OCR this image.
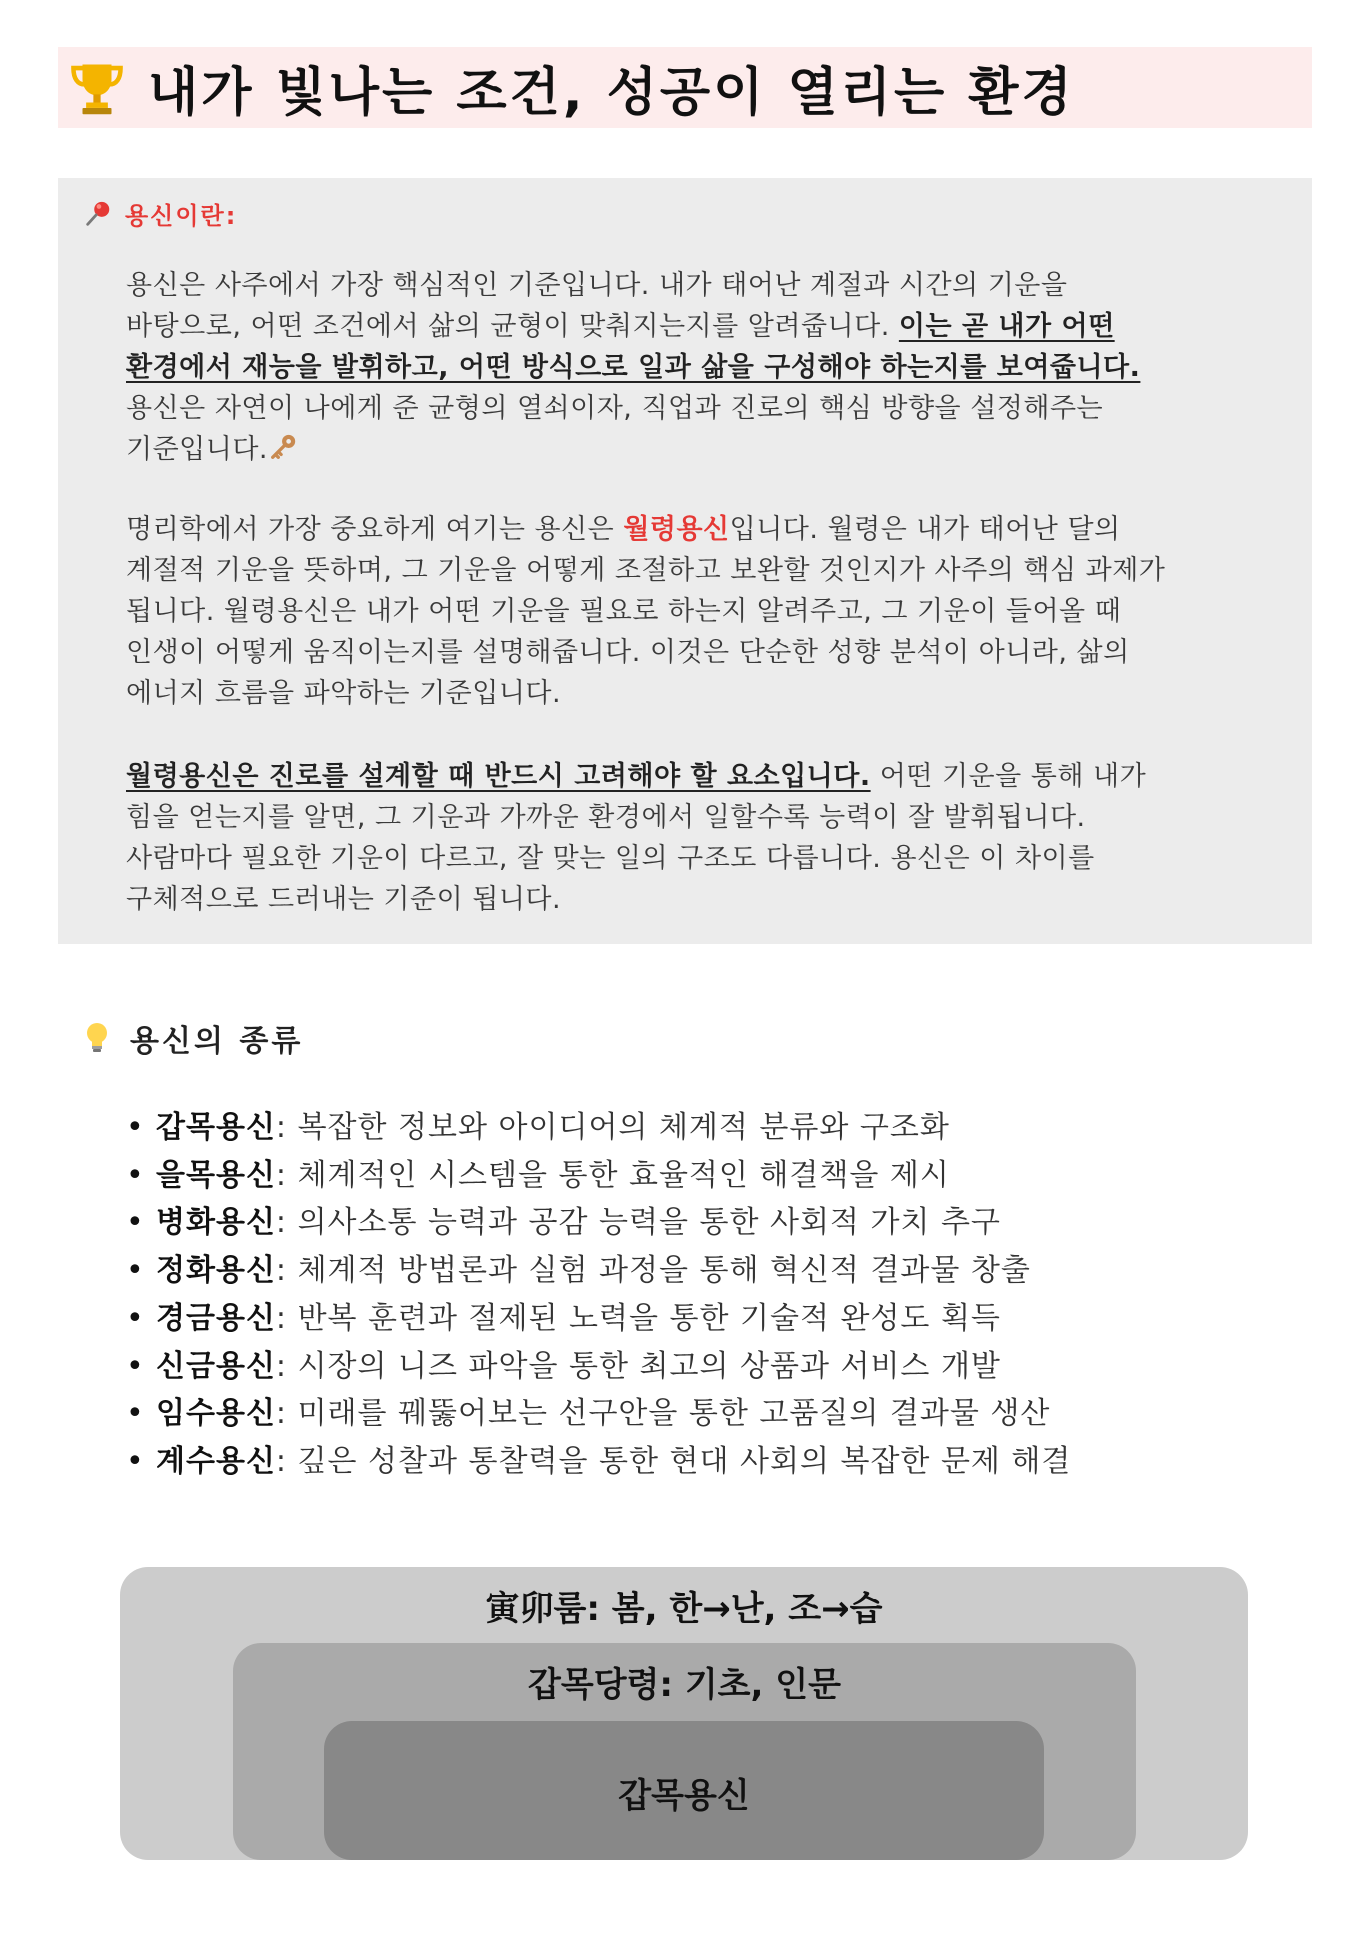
내가 빛나는 조건, 성공이 열리는 환경
용신이란:
용신은 사주에서 가장 핵심적인 기준입니다. 내가 태어난 계절과 시간의 기운을
바탕으로, 어떤 조건에서 삶의 균형이 맞춰지는지를 알려줍니다. 이는 곧 내가 어떤
환경에서 재능을 발휘하고, 어떤 방식으로 일과 삶을 구성해야 하는지를 보여줍니다.
용신은 자연이 나에게 준 균형의 열쇠이자, 직업과 진로의 핵심 방향을 설정해주는
기준입니다.
명리학에서 가장 중요하게 여기는 용신은 월령용신입니다. 월령은 내가 태어난 달의
계절적 기운을 뜻하며, 그 기운을 어떻게 조절하고 보완할 것인지가 사주의 핵심 과제가
됩니다. 월령용신은 내가 어떤 기운을 필요로 하는지 알려주고, 그 기운이 들어올 때
인생이 어떻게 움직이는지를 설명해줍니다. 이것은 단순한 성향 분석이 아니라, 삶의
에너지 흐름을 파악하는 기준입니다.
월령용신은 진로를 설계할 때 반드시 고려해야 할 요소입니다. 어떤 기운을 통해 내가
힘을 얻는지를 알면, 그 기운과 가까운 환경에서 일할수록 능력이 잘 발휘됩니다.
사람마다 필요한 기운이 다르고, 잘 맞는 일의 구조도 다릅니다. 용신은 이 차이를
구체적으로 드러내는 기준이 됩니다.
용신의 종류
• 갑목용신: 복잡한 정보와 아이디어의 체계적 분류와 구조화
• 을목용신: 체계적인 시스템을 통한 효율적인 해결책을 제시
• 병화용신: 의사소통 능력과 공감 능력을 통한 사회적 가치 추구
• 정화용신: 체계적 방법론과 실험 과정을 통해 혁신적 결과물 창출
• 경금용신: 반복 훈련과 절제된 노력을 통한 기술적 완성도 획득
• 신금용신: 시장의 니즈 파악을 통한 최고의 상품과 서비스 개발
• 임수용신: 미래를 꿰뚫어보는 선구안을 통한 고품질의 결과물 생산
• 계수용신: 깊은 성찰과 통찰력을 통한 현대 사회의 복잡한 문제 해결
寅卯룸: 봄, 한→난, 조→습
갑목당령: 기초, 인문
갑목용신
